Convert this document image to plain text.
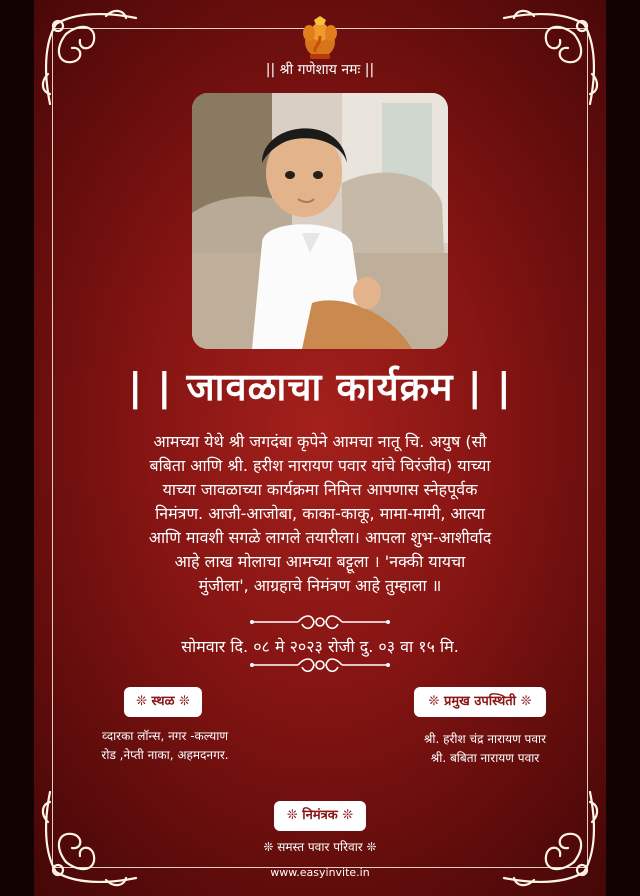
|| श्री गणेशाय नमः ||
| | जावळाचा कार्यक्रम | |
आमच्या येथे श्री जगदंबा कृपेने आमचा नातू चि. अयुष (सौ
बबिता आणि श्री. हरीश नारायण पवार यांचे चिरंजीव) याच्या
याच्या जावळाच्या कार्यक्रमा निमित्त आपणास स्नेहपूर्वक
निमंत्रण. आजी-आजोबा, काका-काकू, मामा-मामी, आत्या
आणि मावशी सगळे लागले तयारीला। आपला शुभ-आशीर्वाद
आहे लाख मोलाचा आमच्या बट्टूला । 'नक्की यायचा
मुंजीला', आग्रहाचे निमंत्रण आहे तुम्हाला ॥
सोमवार दि. ०८ मे २०२३ रोजी दु. ०३ वा १५ मि.
❊ स्थळ ❊
व्दारका लॉन्स, नगर -कल्याण
रोड ,नेप्ती नाका, अहमदनगर.
❊ प्रमुख उपस्थिती ❊
श्री. हरीश चंद्र नारायण पवार
श्री. बबिता नारायण पवार
❊ निमंत्रक ❊
❊ समस्त पवार परिवार ❊
www.easyinvite.in
